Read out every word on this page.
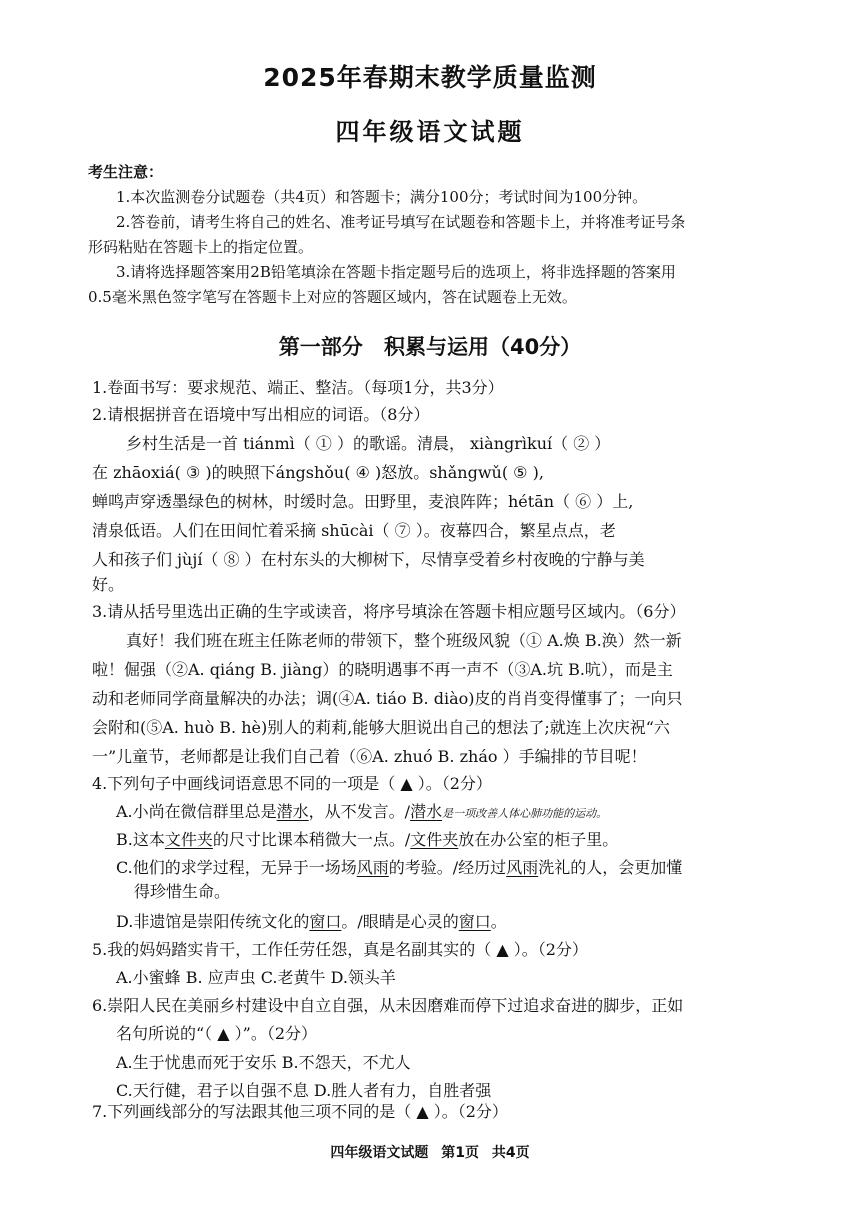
2025年春期末教学质量监测
四年级语文试题
考生注意：
1.本次监测卷分试题卷（共4页）和答题卡；满分100分；考试时间为100分钟。
2.答卷前，请考生将自己的姓名、准考证号填写在试题卷和答题卡上，并将准考证号条
形码粘贴在答题卡上的指定位置。
3.请将选择题答案用2B铅笔填涂在答题卡指定题号后的选项上，将非选择题的答案用
0.5毫米黑色签字笔写在答题卡上对应的答题区域内，答在试题卷上无效。
第一部分 积累与运用（40分）
1.卷面书写：要求规范、端正、整洁。（每项1分，共3分）
2.请根据拼音在语境中写出相应的词语。（8分）
乡村生活是一首 tiánmì（ ① ）的歌谣。清晨， xiàngrìkuí（ ② ）
在 zhāoxiá( ③ )的映照下ángshǒu( ④ )怒放。shǎngwǔ( ⑤ ),
蝉鸣声穿透墨绿色的树林，时缓时急。田野里，麦浪阵阵；hétān（ ⑥ ）上,
清泉低语。人们在田间忙着采摘 shūcài（ ⑦ ）。夜幕四合，繁星点点，老
人和孩子们 jùjí（ ⑧ ）在村东头的大柳树下，尽情享受着乡村夜晚的宁静与美
好。
3.请从括号里选出正确的生字或读音，将序号填涂在答题卡相应题号区域内。（6分）
真好！我们班在班主任陈老师的带领下，整个班级风貌（① A.焕 B.涣）然一新
啦！倔强（②A. qiáng B. jiàng）的晓明遇事不再一声不（③A.坑 B.吭），而是主
动和老师同学商量解决的办法；调(④A. tiáo B. diào)皮的肖肖变得懂事了；一向只
会附和(⑤A. huò B. hè)别人的莉莉,能够大胆说出自己的想法了;就连上次庆祝“六
一”儿童节，老师都是让我们自己着（⑥A. zhuó B. zháo ）手编排的节目呢！
4.下列句子中画线词语意思不同的一项是（ ▲ ）。（2分）
A.小尚在微信群里总是潜水，从不发言。/潜水是一项改善人体心肺功能的运动。
B.这本文件夹的尺寸比课本稍微大一点。/文件夹放在办公室的柜子里。
C.他们的求学过程，无异于一场场风雨的考验。/经历过风雨洗礼的人，会更加懂
得珍惜生命。
D.非遗馆是崇阳传统文化的窗口。/眼睛是心灵的窗口。
5.我的妈妈踏实肯干，工作任劳任怨，真是名副其实的（ ▲ ）。（2分）
A.小蜜蜂 B. 应声虫 C.老黄牛 D.领头羊
6.崇阳人民在美丽乡村建设中自立自强，从未因磨难而停下过追求奋进的脚步，正如
名句所说的“（ ▲ ）”。（2分）
A.生于忧患而死于安乐 B.不怨天，不尤人
C.天行健，君子以自强不息 D.胜人者有力，自胜者强
7.下列画线部分的写法跟其他三项不同的是（ ▲ ）。（2分）
四年级语文试题 第1页 共4页
